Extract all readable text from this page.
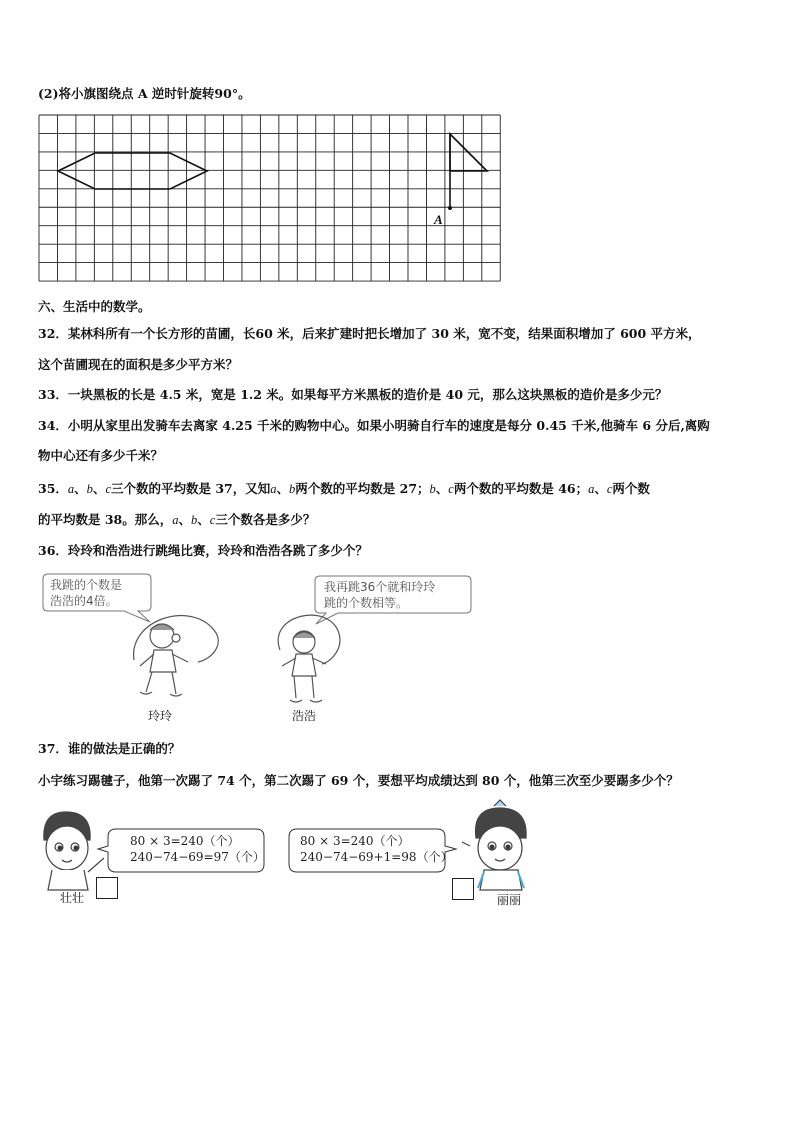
(2)将小旗图绕点 A 逆时针旋转90°。
A
六、生活中的数学。
32．某林科所有一个长方形的苗圃，长60 米，后来扩建时把长增加了 30 米，宽不变，结果面积增加了 600 平方米，
这个苗圃现在的面积是多少平方米？
33．一块黑板的长是 4.5 米，宽是 1.2 米。如果每平方米黑板的造价是 40 元，那么这块黑板的造价是多少元？
34．小明从家里出发骑车去离家 4.25 千米的购物中心。如果小明骑自行车的速度是每分 0.45 千米,他骑车 6 分后,离购
物中心还有多少千米？
35．a、b、c三个数的平均数是 37，又知a、b两个数的平均数是 27；b、c两个数的平均数是 46；a、c两个数
的平均数是 38。那么，a、b、c三个数各是多少？
36．玲玲和浩浩进行跳绳比赛，玲玲和浩浩各跳了多少个？
我跳的个数是
浩浩的4倍。
我再跳36个就和玲玲
跳的个数相等。
玲玲	浩浩
37．谁的做法是正确的？
小宇练习踢毽子，他第一次踢了 74 个，第二次踢了 69 个，要想平均成绩达到 80 个，他第三次至少要踢多少个？
80 × 3=240（个）
240−74−69=97（个）
80 × 3=240（个）
240−74−69+1=98（个）
壮壮	丽丽
